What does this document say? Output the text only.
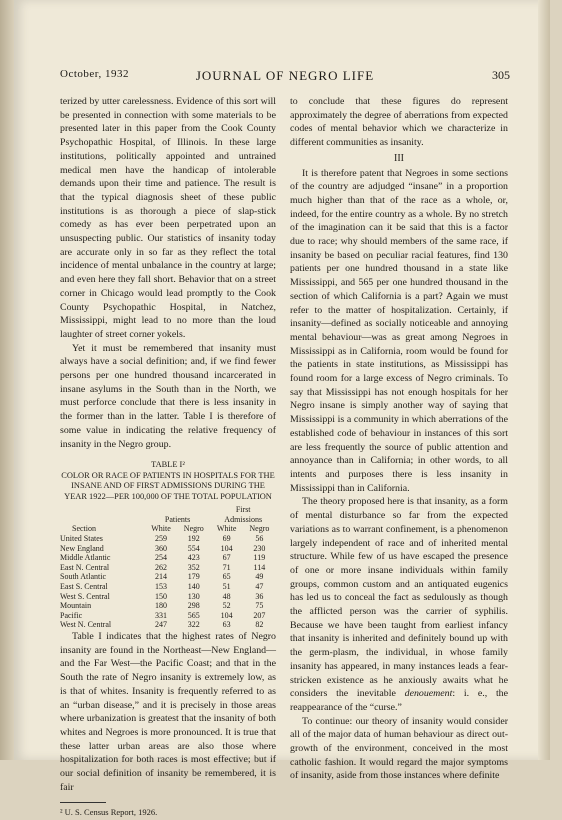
October, 1932	JOURNAL OF NEGRO LIFE	305

terized by utter carelessness. Evidence of this sort will be presented in connection with some materials to be presented later in this paper from the Cook County Psychopathic Hospital, of Illinois. In these large institutions, politically appointed and untrained medical men have the handicap of intolerable demands upon their time and patience. The result is that the typical diagnosis sheet of these public institutions is as thorough a piece of slap-stick comedy as has ever been perpetrated upon an unsuspecting public. Our statistics of insanity today are accurate only in so far as they reflect the total incidence of mental unbalance in the country at large; and even here they fall short. Behavior that on a street corner in Chicago would lead promptly to the Cook County Psychopathic Hospital, in Natchez, Mississippi, might lead to no more than the loud laughter of street corner yokels.

Yet it must be remembered that insanity must always have a social definition; and, if we find fewer persons per one hundred thousand incarcerated in insane asylums in the South than in the North, we must perforce conclude that there is less insanity in the former than in the latter. Table I is therefore of some value in indicating the relative frequency of insanity in the Negro group.

TABLE I²
COLOR OR RACE OF PATIENTS IN HOSPITALS FOR THE INSANE AND OF FIRST ADMISSIONS DURING THE YEAR 1922—PER 100,000 OF THE TOTAL POPULATION
			First	
	Patients		Admissions	
Section	White	Negro	White	Negro
United States	259	192	69	56
New England	360	554	104	230
Middle Atlantic	254	423	67	119
East N. Central	262	352	71	114
South Atlantic	214	179	65	49
East S. Central	153	140	51	47
West S. Central	150	130	48	36
Mountain	180	298	52	75
Pacific	331	565	104	207
West N. Central	247	322	63	82

Table I indicates that the highest rates of Negro insanity are found in the Northeast—New England—and the Far West—the Pacific Coast; and that in the South the rate of Negro insanity is extremely low, as is that of whites. Insanity is frequently referred to as an “urban disease,” and it is precisely in those areas where urbanization is greatest that the insanity of both whites and Negroes is more pronounced. It is true that these latter urban areas are also those where hospitalization for both races is most effective; but if our social definition of insanity be remembered, it is fair

² U. S. Census Report, 1926.

to conclude that these figures do represent approximately the degree of aberrations from expected codes of mental behavior which we characterize in different communities as insanity.

III

It is therefore patent that Negroes in some sections of the country are adjudged “insane” in a proportion much higher than that of the race as a whole, or, indeed, for the entire country as a whole. By no stretch of the imagination can it be said that this is a factor due to race; why should members of the same race, if insanity be based on peculiar racial features, find 130 patients per one hundred thousand in a state like Mississippi, and 565 per one hundred thousand in the section of which California is a part? Again we must refer to the matter of hospitalization. Certainly, if insanity—defined as socially noticeable and annoying mental behaviour—was as great among Negroes in Mississippi as in California, room would be found for the patients in state institutions, as Mississippi has found room for a large excess of Negro criminals. To say that Mississippi has not enough hospitals for her Negro insane is simply another way of saying that Mississippi is a community in which aberrations of the established code of behaviour in instances of this sort are less frequently the source of public attention and annoyance than in California; in other words, to all intents and purposes there is less insanity in Mississippi than in California.

The theory proposed here is that insanity, as a form of mental disturbance so far from the expected variations as to warrant confinement, is a phenomenon largely independent of race and of inherited mental structure. While few of us have escaped the presence of one or more insane individuals within family groups, common custom and an antiquated eugenics has led us to conceal the fact as sedulously as though the afflicted person was the carrier of syphilis. Because we have been taught from earliest infancy that insanity is inherited and definitely bound up with the germ-plasm, the individual, in whose family insanity has appeared, in many instances leads a fear-stricken existence as he anxiously awaits what he considers the inevitable denouement: i. e., the reappearance of the “curse.”

To continue: our theory of insanity would consider all of the major data of human behaviour as direct out-growth of the environment, conceived in the most catholic fashion. It would regard the major symptoms of insanity, aside from those instances where definite
